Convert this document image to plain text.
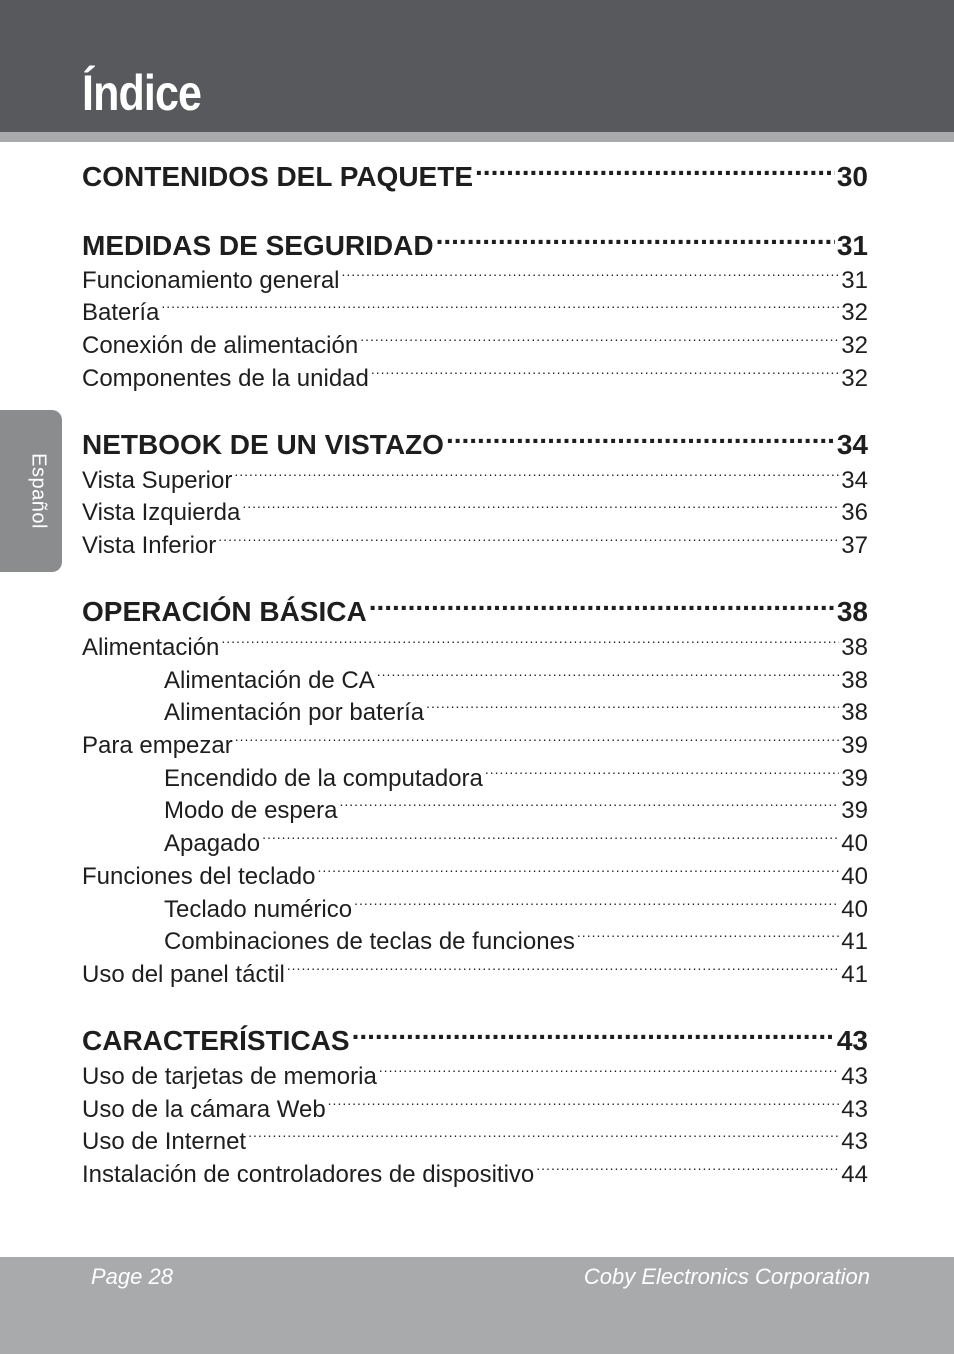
Índice
Español
CONTENIDOS DEL PAQUETE .....	30
MEDIDAS DE SEGURIDAD .....	31
Funcionamiento general .....	31
Batería .....	32
Conexión de alimentación .....	32
Componentes de la unidad .....	32
NETBOOK DE UN VISTAZO .....	34
Vista Superior .....	34
Vista Izquierda .....	36
Vista Inferior .....	37
OPERACIÓN BÁSICA .....	38
Alimentación .....	38
Alimentación de CA .....	38
Alimentación por batería .....	38
Para empezar .....	39
Encendido de la computadora .....	39
Modo de espera .....	39
Apagado .....	40
Funciones del teclado .....	40
Teclado numérico .....	40
Combinaciones de teclas de funciones .....	41
Uso del panel táctil .....	41
CARACTERÍSTICAS .....	43
Uso de tarjetas de memoria .....	43
Uso de la cámara Web .....	43
Uso de Internet .....	43
Instalación de controladores de dispositivo .....	44
Page 28	Coby Electronics Corporation
